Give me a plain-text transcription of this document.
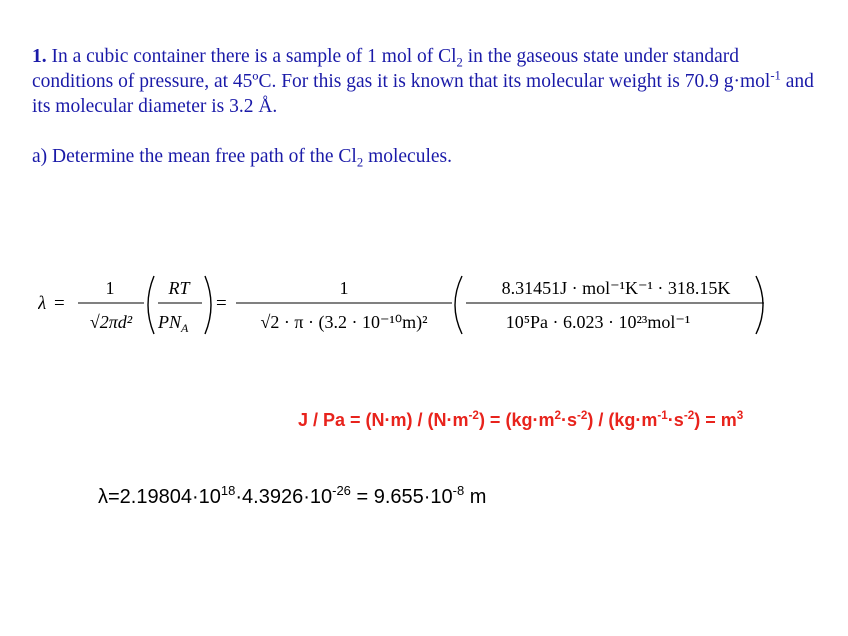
1. In a cubic container there is a sample of 1 mol of $Cl_2$ in the gaseous state under standard conditions of pressure, at 45ºC. For this gas it is known that its molecular weight is 70.9 g·mol$^{-1}$ and its molecular diameter is 3.2 Å.

a) Determine the mean free path of the $Cl_2$ molecules.

λ =
1
√2πd²
RT
$PN_A$
=
1
√2 · π · (3.2 · 10⁻¹⁰m)²
8.31451J · mol⁻¹K⁻¹ · 318.15K
10⁵Pa · 6.023 · 10²³mol⁻¹
$J / Pa = (N\cdot m) / (N\cdot m^{-2}) = (kg\cdot m^2\cdot s^{-2}) / (kg\cdot m^{-1}\cdot s^{-2}) = m^3$
$\lambda=2.19804\cdot 10^{18}\cdot 4.3926\cdot 10^{-26} = 9.655\cdot 10^{-8}$ m
